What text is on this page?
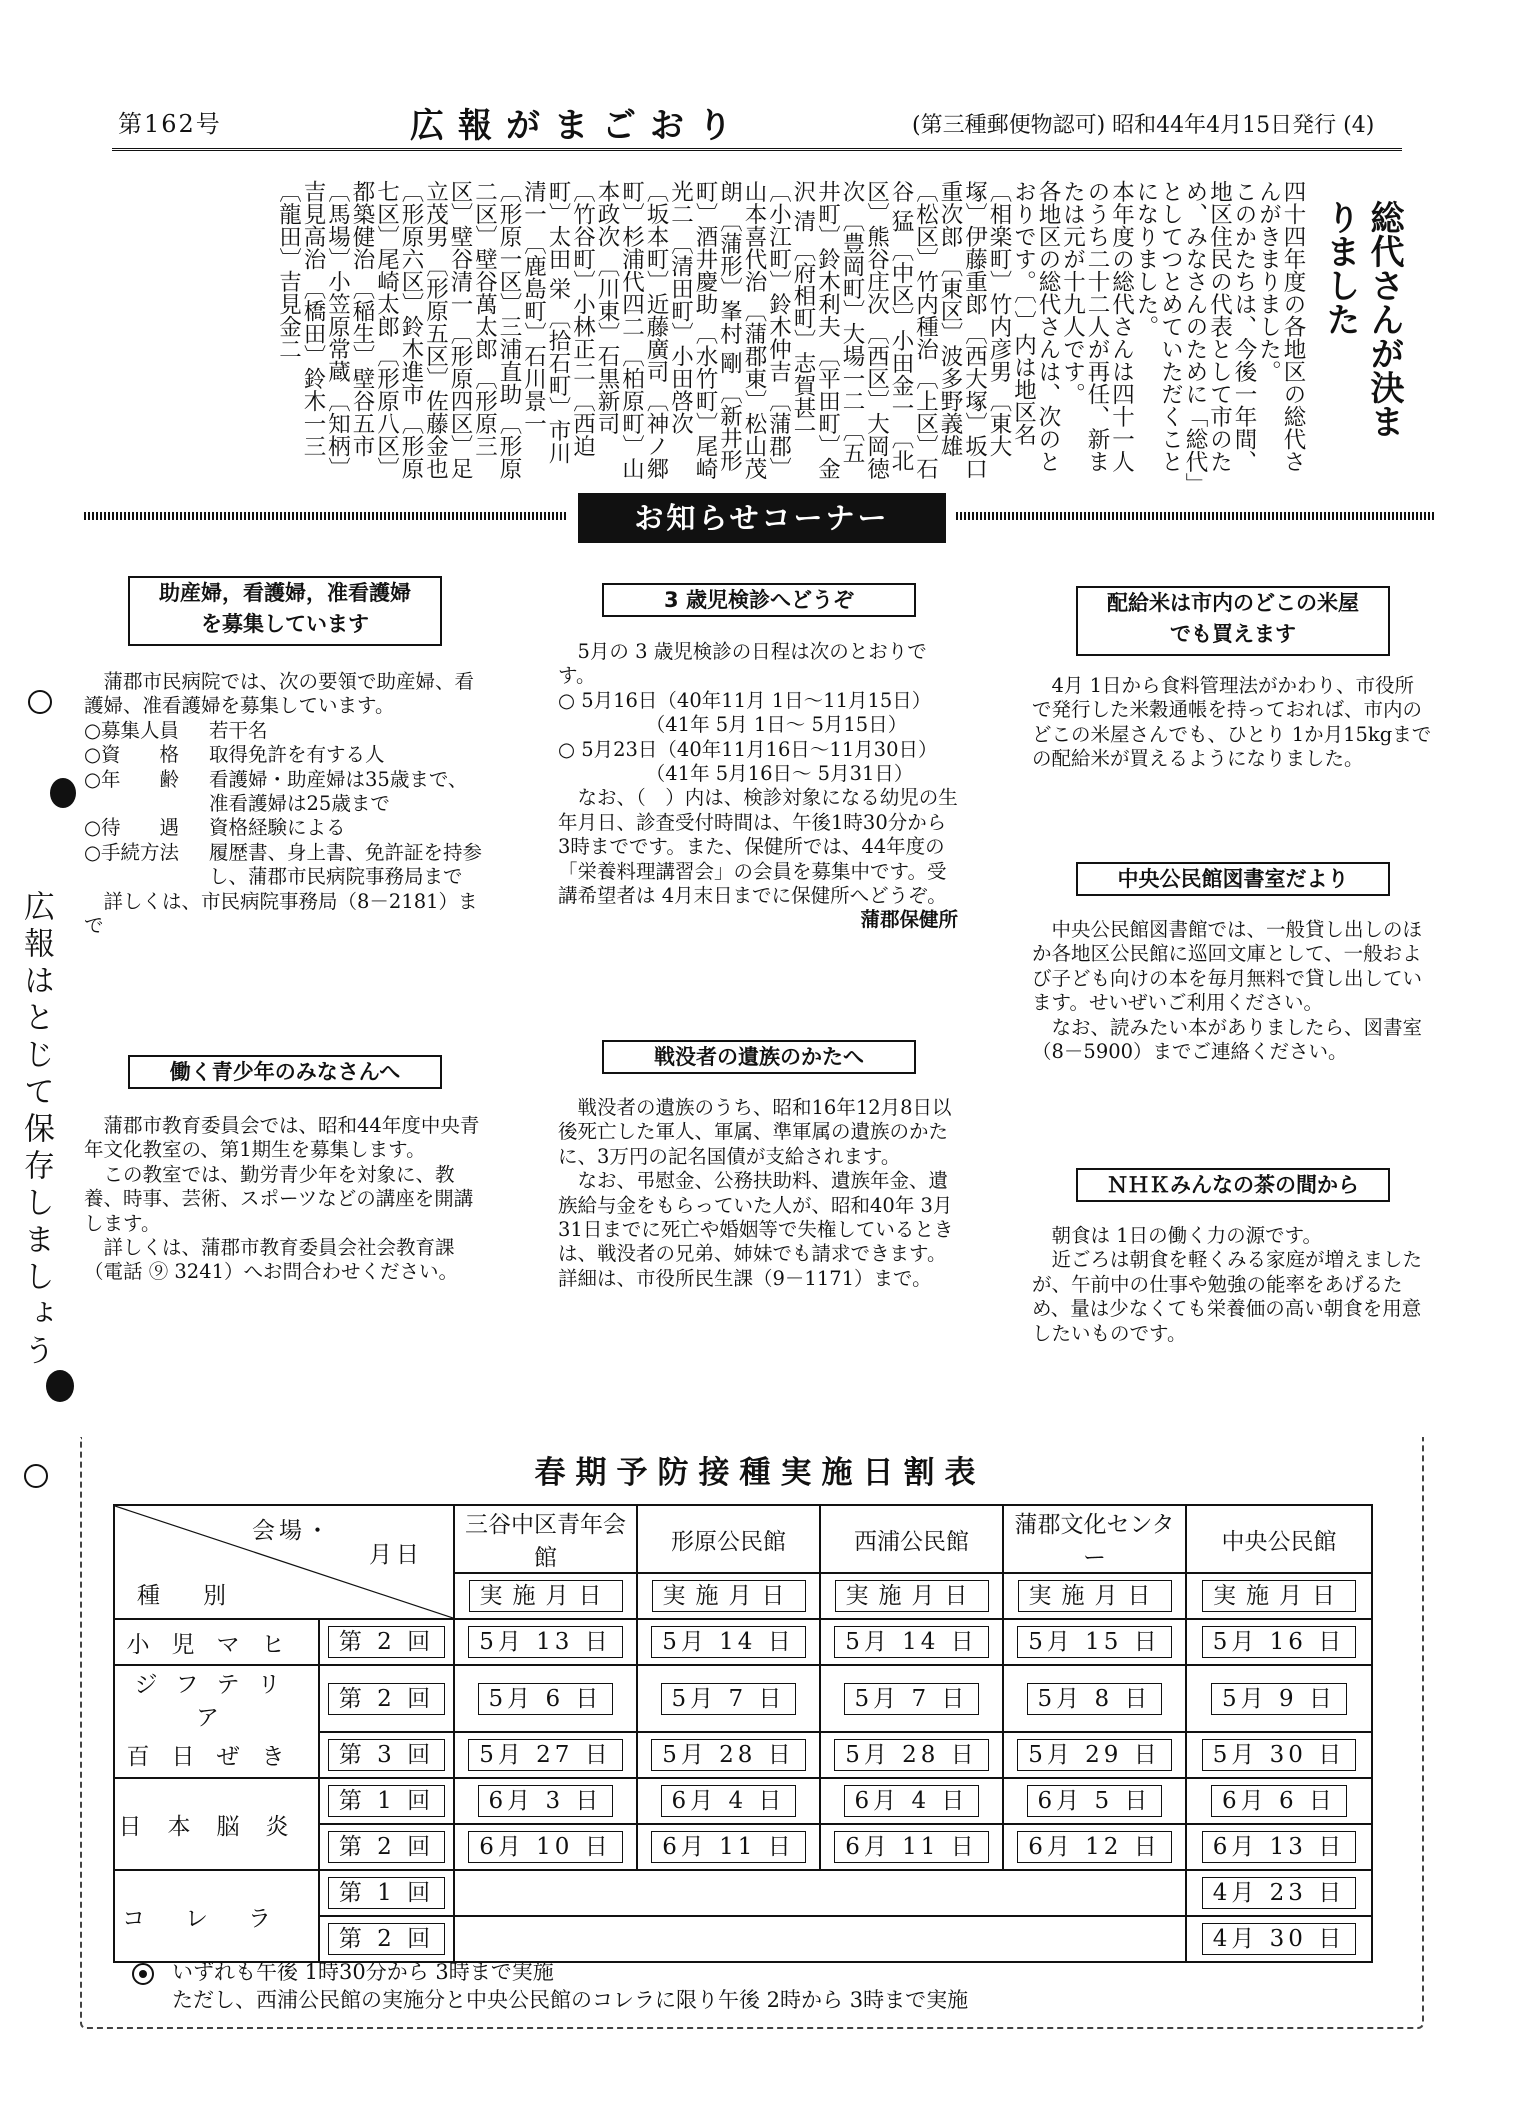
第162号	広報がまごおり	(第三種郵便物認可) 昭和44年4月15日発行 (4)
総代さんが決まりました

四十四年度の各地区の総代さんがきまりました。

このかたちは、今後一年間、地区住民の代表として市のため、みなさんのために「総代」としてつとめていただくことになりました。

本年度の総代さんは四十一人のうち二十二人が再任、新または元が十九人です。

各地区の総代さんは、次のとおりです。〔 〕内は地区名

〔相楽町〕竹内彦男 〔東大塚〕伊藤重郎 〔西大塚〕坂口重次郎 〔東区〕波多野義雄 〔松区〕竹内種治 〔上区〕石谷 猛 〔中区〕小田金一 〔北区〕熊谷庄次 〔西区〕大岡徳次 〔豊岡町〕大場一二 〔五井町〕鈴木利夫 〔平田町〕金沢 清 〔府相町〕志賀甚一 〔小江町〕鈴木仲吉 〔蒲郡〕山本喜代治 〔蒲郡東〕松山茂朗 〔蒲形〕峯村 剛 〔新井形町〕酒井慶助 〔水竹町〕尾崎光二 〔清田町〕小田啓次 〔坂本町〕近藤廣司 〔神ノ郷町〕杉浦代四二 〔柏原町〕山本政次 〔川東〕石黒新司 〔竹谷町〕小林正二 〔西迫町〕太田 栄 〔拾石町〕市川清一 〔鹿島町〕石川景一 〔形原一区〕三浦直助 〔形原二区〕壁谷萬太郎 〔形原三区〕壁谷清一 〔形原四区〕足立茂男 〔形原五区〕佐藤金也 〔形原六区〕鈴木進市 〔形原七区〕尾崎太郎 〔形原八区〕都築健治 〔稲生〕壁谷五市 〔馬場〕小笠原常蔵 〔知柄〕吉見高治 〔橋田〕鈴木一三 〔龍田〕吉見金二

お知らせコーナー
広報はとじて保存しましょう
助産婦，看護婦，准看護婦
を募集しています

蒲郡市民病院では、次の要領で助産婦、看護婦、准看護婦を募集しています。

○募集人員	若干名
○資　　格	取得免許を有する人
○年　　齢	看護婦・助産婦は35歳まで、准看護婦は25歳まで
○待　　遇	資格経験による
○手続方法	履歴書、身上書、免許証を持参し、蒲郡市民病院事務局まで

詳しくは、市民病院事務局（8－2181）まで

働く青少年のみなさんへ

蒲郡市教育委員会では、昭和44年度中央青年文化教室の、第1期生を募集します。

この教室では、勤労青少年を対象に、教養、時事、芸術、スポーツなどの講座を開講します。

詳しくは、蒲郡市教育委員会社会教育課（電話 ⑨ 3241）へお問合わせください。

3 歳児検診へどうぞ

5月の 3 歳児検診の日程は次のとおりです。

○ 5月16日（40年11月 1日～11月15日）

　　　　　（41年 5月 1日～ 5月15日）

○ 5月23日（40年11月16日～11月30日）

　　　　　（41年 5月16日～ 5月31日）

なお、（　）内は、検診対象になる幼児の生年月日、診査受付時間は、午後1時30分から3時までです。また、保健所では、44年度の「栄養料理講習会」の会員を募集中です。受講希望者は 4月末日までに保健所へどうぞ。

蒲郡保健所

戦没者の遺族のかたへ

戦没者の遺族のうち、昭和16年12月8日以後死亡した軍人、軍属、準軍属の遺族のかたに、3万円の記名国債が支給されます。

なお、弔慰金、公務扶助料、遺族年金、遺族給与金をもらっていた人が、昭和40年 3月31日までに死亡や婚姻等で失権しているときは、戦没者の兄弟、姉妹でも請求できます。詳細は、市役所民生課（9－1171）まで。

配給米は市内のどこの米屋
でも買えます

4月 1日から食料管理法がかわり、市役所で発行した米穀通帳を持っておれば、市内のどこの米屋さんでも、ひとり 1か月15kgまでの配給米が買えるようになりました。

中央公民館図書室だより

中央公民館図書館では、一般貸し出しのほか各地区公民館に巡回文庫として、一般および子ども向けの本を毎月無料で貸し出しています。せいぜいご利用ください。

なお、読みたい本がありましたら、図書室（8－5900）までご連絡ください。

ＮＨＫみんなの茶の間から

朝食は 1日の働く力の源です。

近ごろは朝食を軽くみる家庭が増えましたが、午前中の仕事や勉強の能率をあげるため、量は少なくても栄養価の高い朝食を用意したいものです。

春期予防接種実施日割表
会場・
月日
種　別		三谷中区青年会館	形原公民館	西浦公民館	蒲郡文化センター	中央公民館
		実施月日	実施月日	実施月日	実施月日	実施月日
小児マヒ	第 2 回	5月 13 日	5月 14 日	5月 14 日	5月 15 日	5月 16 日
ジフテリア	第 2 回	5月 6 日	5月 7 日	5月 7 日	5月 8 日	5月 9 日
百日ぜき	第 3 回	5月 27 日	5月 28 日	5月 28 日	5月 29 日	5月 30 日
日本脳炎	第 1 回	6月 3 日	6月 4 日	6月 4 日	6月 5 日	6月 6 日
	第 2 回	6月 10 日	6月 11 日	6月 11 日	6月 12 日	6月 13 日
コレラ	第 1 回					4月 23 日
	第 2 回					4月 30 日
いずれも午後 1時30分から 3時まで実施
ただし、西浦公民館の実施分と中央公民館のコレラに限り午後 2時から 3時まで実施
